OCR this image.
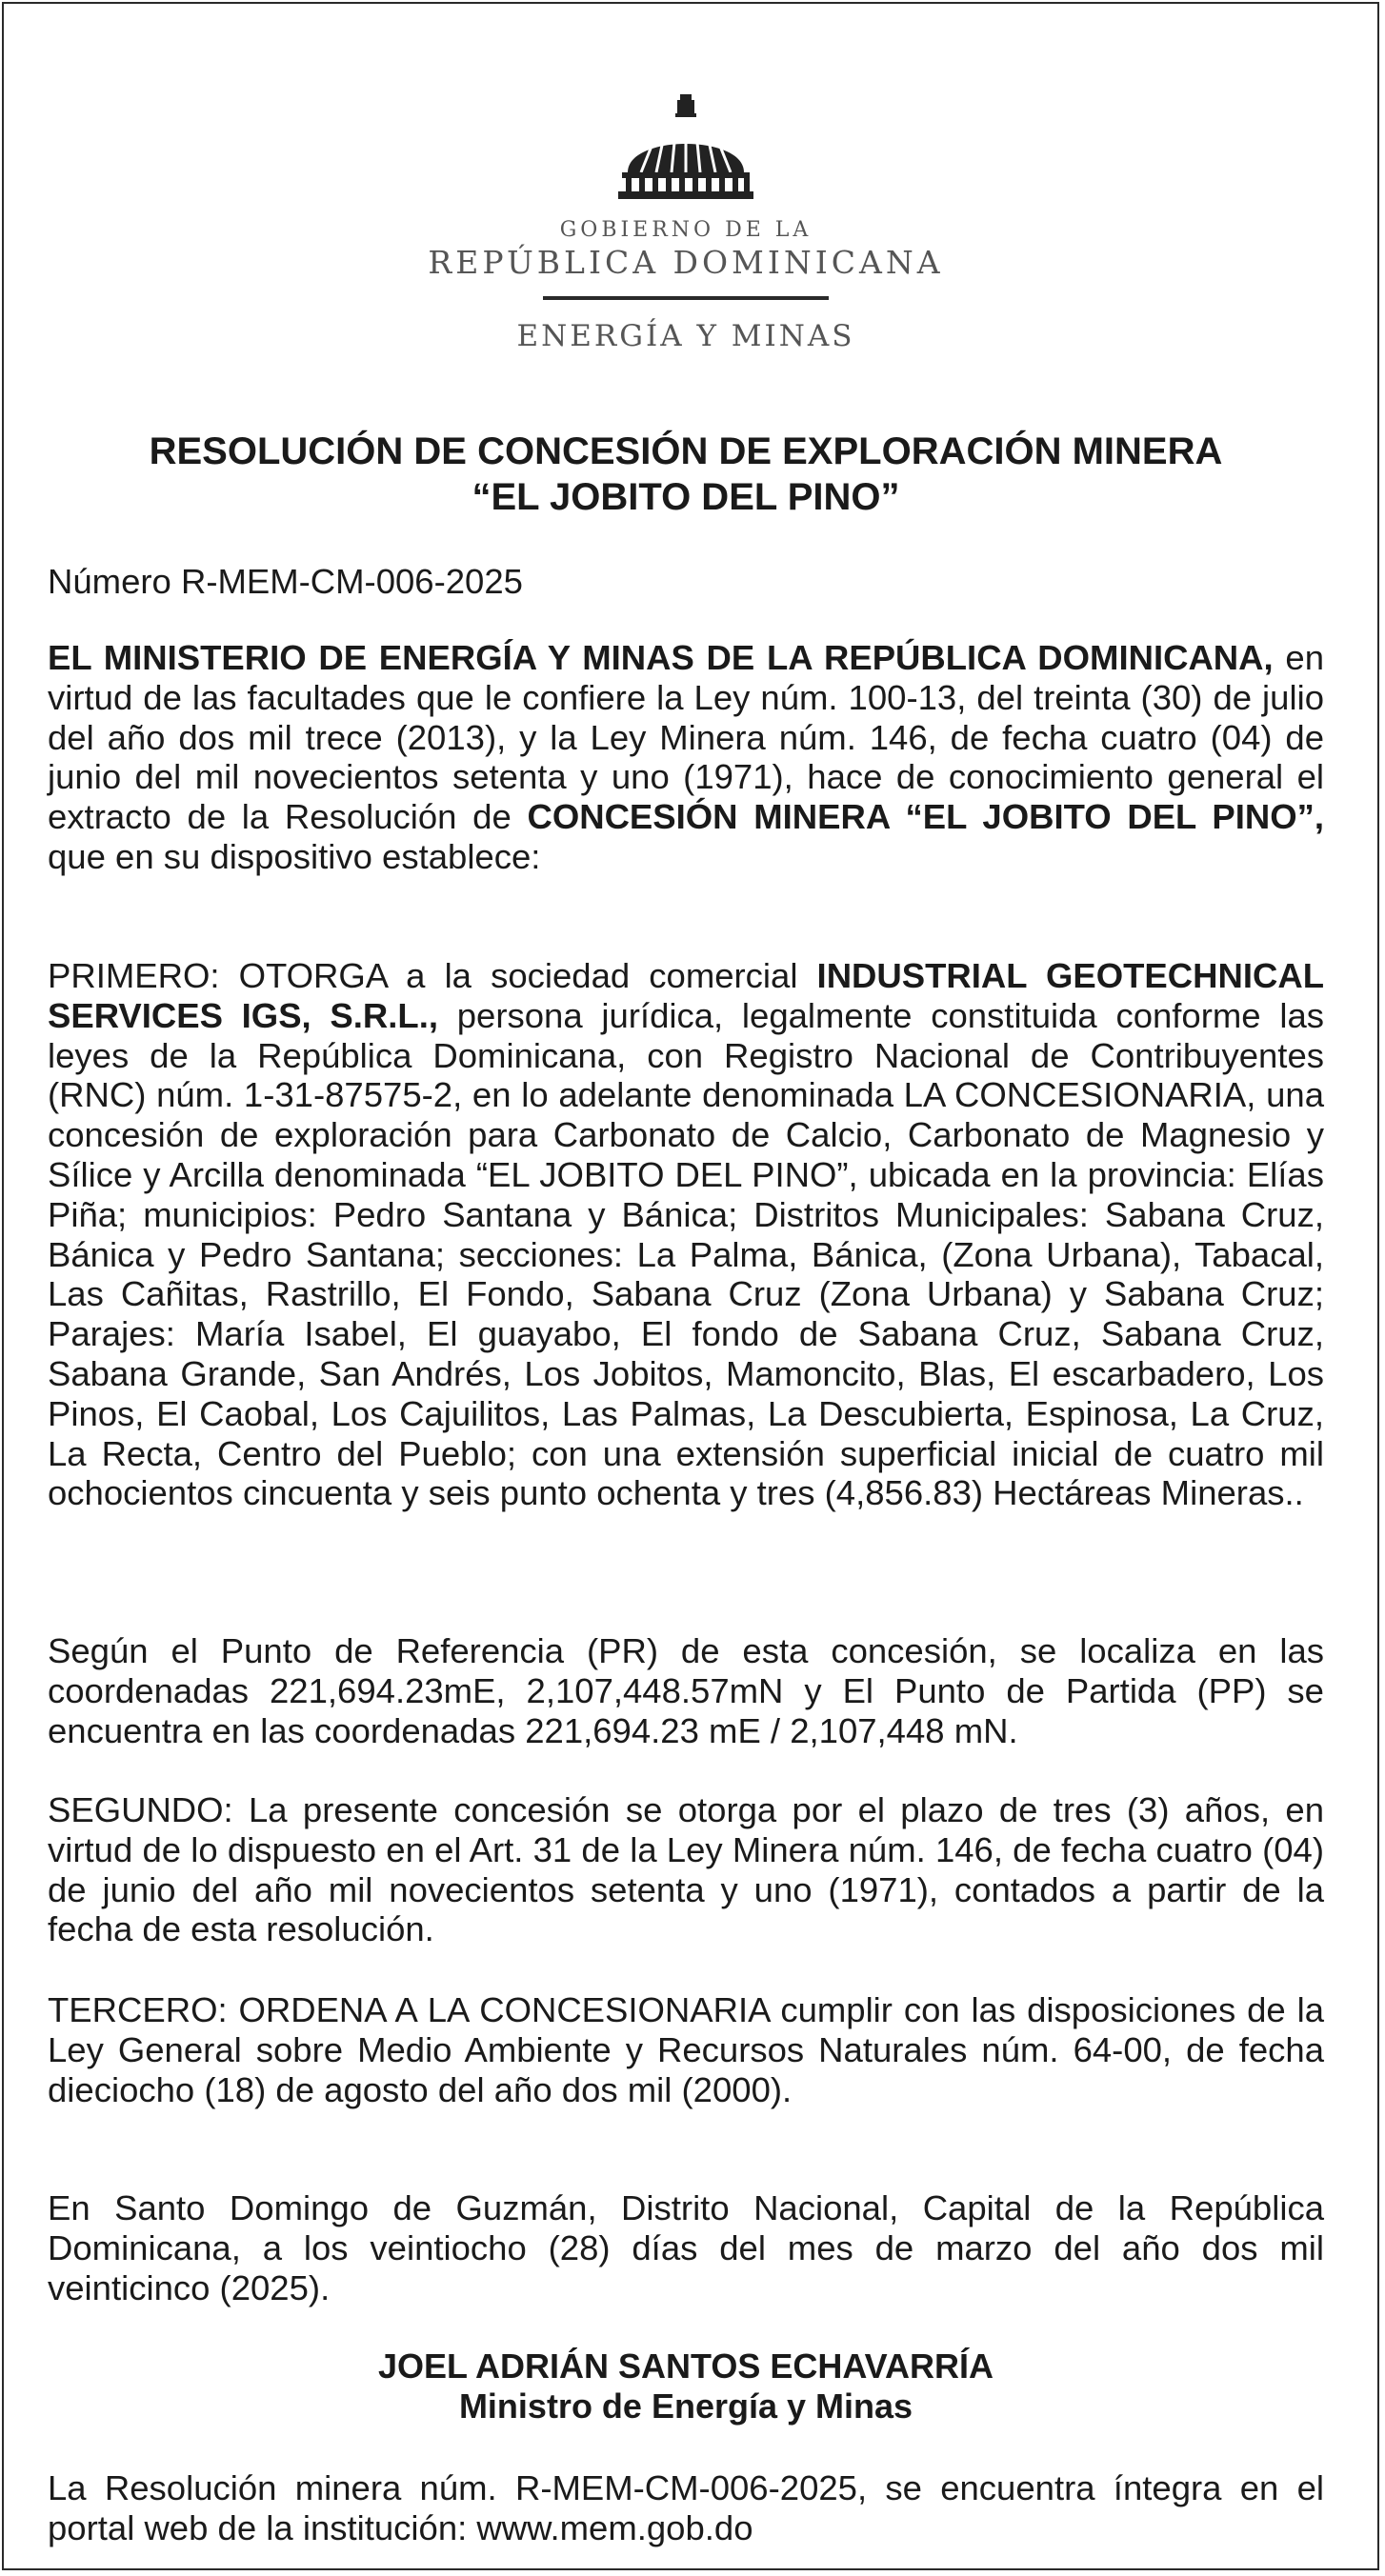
GOBIERNO DE LA
REPÚBLICA DOMINICANA
ENERGÍA Y MINAS
RESOLUCIÓN DE CONCESIÓN DE EXPLORACIÓN MINERA
“EL JOBITO DEL PINO”
Número R-MEM-CM-006-2025
EL MINISTERIO DE ENERGÍA Y MINAS DE LA REPÚBLICA DOMINICANA, en virtud de las facultades que le confiere la Ley núm. 100-13, del treinta (30) de julio del año dos mil trece (2013), y la Ley Minera núm. 146, de fecha cuatro (04) de junio del mil novecientos setenta y uno (1971), hace de conocimiento general el extracto de la Resolución de CONCESIÓN MINERA “EL JOBITO DEL PINO”, que en su dispositivo establece:
PRIMERO: OTORGA a la sociedad comercial INDUSTRIAL GEOTECHNICAL SERVICES IGS, S.R.L., persona jurídica, legalmente constituida conforme las leyes de la República Dominicana, con Registro Nacional de Contribuyentes (RNC) núm. 1-31-87575-2, en lo adelante denominada LA CONCESIONARIA, una concesión de exploración para Carbonato de Calcio, Carbonato de Magnesio y Sílice y Arcilla denominada “EL JOBITO DEL PINO”, ubicada en la provincia: Elías Piña; municipios: Pedro Santana y Bánica; Distritos Municipales: Sabana Cruz, Bánica y Pedro Santana; secciones: La Palma, Bánica, (Zona Urbana), Tabacal, Las Cañitas, Rastrillo, El Fondo, Sabana Cruz (Zona Urbana) y Sabana Cruz; Parajes: María Isabel, El guayabo, El fondo de Sabana Cruz, Sabana Cruz, Sabana Grande, San Andrés, Los Jobitos, Mamoncito, Blas, El escarbadero, Los Pinos, El Caobal, Los Cajuilitos, Las Palmas, La Descubierta, Espinosa, La Cruz, La Recta, Centro del Pueblo; con una extensión superficial inicial de cuatro mil ochocientos cincuenta y seis punto ochenta y tres (4,856.83) Hectáreas Mineras..
Según el Punto de Referencia (PR) de esta concesión, se localiza en las coordenadas 221,694.23mE, 2,107,448.57mN y El Punto de Partida (PP) se encuentra en las coordenadas 221,694.23 mE / 2,107,448 mN.
SEGUNDO: La presente concesión se otorga por el plazo de tres (3) años, en virtud de lo dispuesto en el Art. 31 de la Ley Minera núm. 146, de fecha cuatro (04) de junio del año mil novecientos setenta y uno (1971), contados a partir de la fecha de esta resolución.
TERCERO: ORDENA A LA CONCESIONARIA cumplir con las disposiciones de la Ley General sobre Medio Ambiente y Recursos Naturales núm. 64-00, de fecha dieciocho (18) de agosto del año dos mil (2000).
En Santo Domingo de Guzmán, Distrito Nacional, Capital de la República Dominicana, a los veintiocho (28) días del mes de marzo del año dos mil veinticinco (2025).
JOEL ADRIÁN SANTOS ECHAVARRÍA
Ministro de Energía y Minas
La Resolución minera núm. R-MEM-CM-006-2025, se encuentra íntegra en el portal web de la institución: www.mem.gob.do
